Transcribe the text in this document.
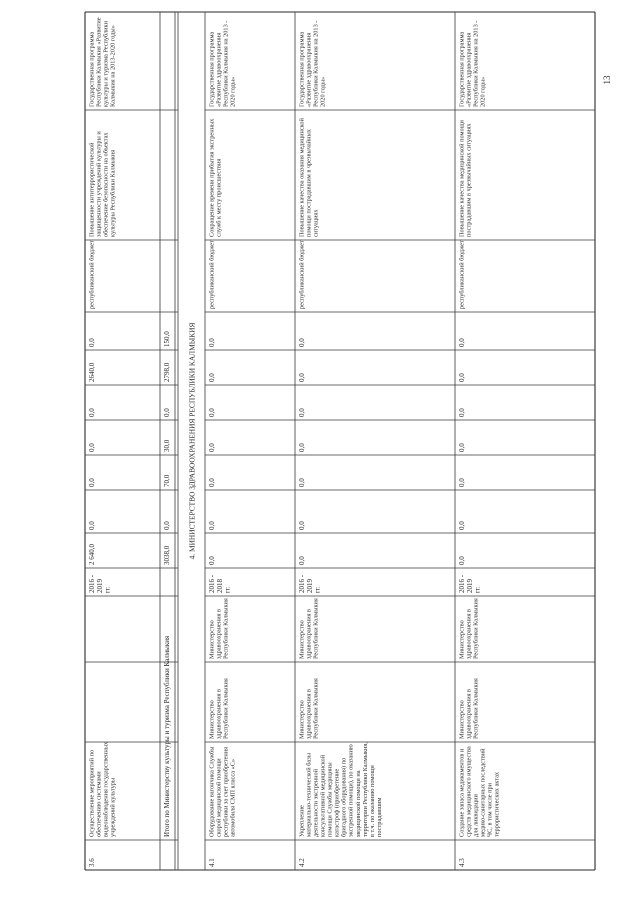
3.6
Осуществление мероприятий пообеспечению системамивидеонаблюдения государственныхучреждений культуры
2016 -2019гг.
2 640,0
0,0
0,0
0,0
0,0
2640,0
0,0
республиканский бюджет
Повышение антитеррористическойзащищенности учреждений культуры иобеспечение безопасности на объектахкультуры Республики Калмыкия
Государственная программаРеспублики Калмыкия «Развитиекультуры и туризма РеспубликиКалмыкия на 2013-2020 годы»
3038,0
0,0
70,0
30,0
0,0
2798,0
150,0
4.1
Оборудование вагончика Службыскорой медицинской помощиреспублики за счет приобретенияавтомобиля СМП класса «С»
Министерствоздравоохранения вРеспублики Калмыкия
Министерствоздравоохранения вРеспублики Калмыкия
2016 -2018гг.
0,0
0,0
0,0
0,0
0,0
0,0
0,0
республиканский бюджет
Сокращение времени прибытия экстренныхслужб к месту происшествия
Государственная программа«Развитие здравоохраненияРеспублики Калмыкия на 2013 -2020 годы»
4.2
Укреплениематериально-технической базыдеятельности экстреннойконсультативной медицинскойпомощи Службы медициныкатастроф (приобретениебригадного оборудования) поэкстренной помощи), по оказаниюмедицинской помощи натерритории Республики Калмыкия,в т.ч. по оказанию помощипострадавшим
Министерствоздравоохранения вРеспублики Калмыкия
Министерствоздравоохранения вРеспублики Калмыкия
2016 -2019гг.
0,0
0,0
0,0
0,0
0,0
0,0
0,0
республиканский бюджет
Повышение качества оказания медицинскойпомощи пострадавшим в чрезвычайныхситуациях
Государственная программа«Развитие здравоохраненияРеспублики Калмыкия на 2013 -2020 годы»
4.3
Создание запаса медикаментов исредств медицинского имуществадля ликвидациимедико-санитарных последствийЧС, в том числе притеррористических актах
Министерствоздравоохранения вРеспублики Калмыкия
Министерствоздравоохранения вРеспублики Калмыкия
2016 -2019гг.
0,0
0,0
0,0
0,0
0,0
0,0
0,0
республиканский бюджет
Повышение качества медицинской помощипострадавшим в чрезвычайных ситуациях
Государственная программа«Развитие здравоохраненияРеспублики Калмыкия на 2013 -2020 годы»
Итого по Министерству культуры и туризма Республики Калмыкия
4. МИНИСТЕРСТВО ЗДРАВООХРАНЕНИЯ РЕСПУБЛИКИ КАЛМЫКИЯ
13
